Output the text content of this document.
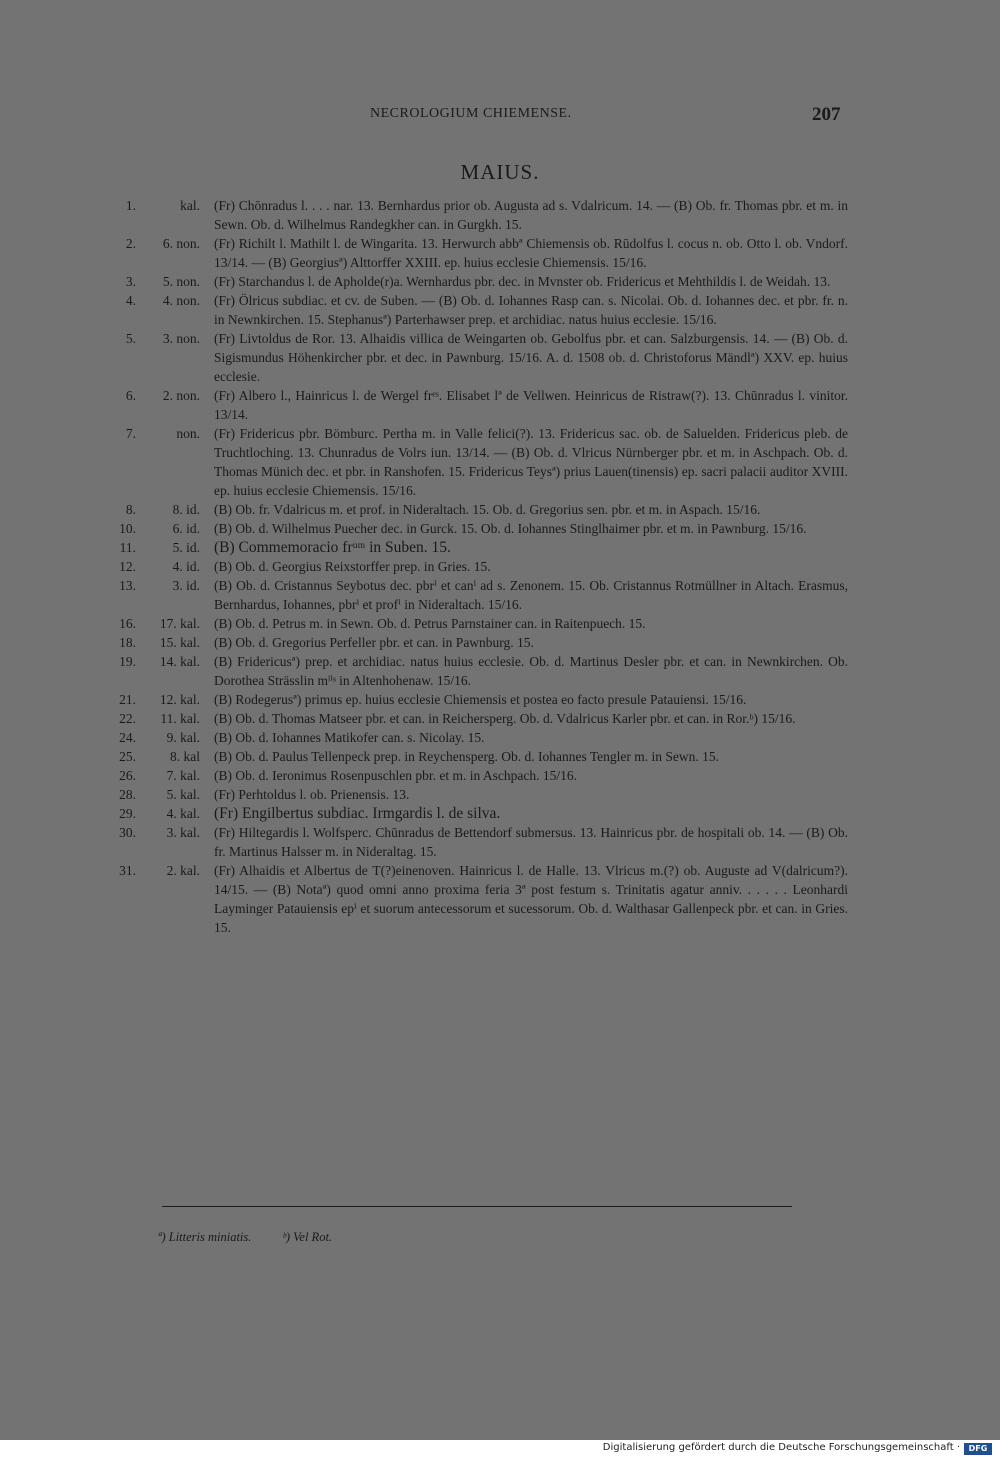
NECROLOGIUM CHIEMENSE.	207
MAIUS.
1.	kal. (Fr) Chōnradus l. . . . nar. 13. Bernhardus prior ob. Augusta ad s. Vdalricum. 14. — (B) Ob. fr. Thomas pbr. et m. in Sewn. Ob. d. Wilhelmus Randegkher can. in Gurgkh. 15.
2.	6. non. (Fr) Richilt l. Mathilt l. de Wingarita. 13. Herwurch abbª Chiemensis ob. Rūdolfus l. cocus n. ob. Otto l. ob. Vndorf. 13/14. — (B) Georgiusª) Alttorffer XXIII. ep. huius ecclesie Chiemensis. 15/16.
3.	5. non. (Fr) Starchandus l. de Apholde(r)a. Wernhardus pbr. dec. in Mvnster ob. Fridericus et Mehthildis l. de Weidah. 13.
4.	4. non. (Fr) Ölricus subdiac. et cv. de Suben. — (B) Ob. d. Iohannes Rasp can. s. Nicolai. Ob. d. Iohannes dec. et pbr. fr. n. in Newnkirchen. 15. Stephanusª) Parterhawser prep. et archidiac. natus huius ecclesie. 15/16.
5.	3. non. (Fr) Livtoldus de Ror. 13. Alhaidis villica de Weingarten ob. Gebolfus pbr. et can. Salzburgensis. 14. — (B) Ob. d. Sigismundus Höhenkircher pbr. et dec. in Pawnburg. 15/16. A. d. 1508 ob. d. Christoforus Mändlª) XXV. ep. huius ecclesie.
6.	2. non. (Fr) Albero l., Hainricus l. de Wergel frᵉˢ. Elisabet lª de Vellwen. Heinricus de Ristraw(?). 13. Chūnradus l. vinitor. 13/14.
7.	non. (Fr) Fridericus pbr. Bömburc. Pertha m. in Valle felici(?). 13. Fridericus sac. ob. de Saluelden. Fridericus pleb. de Truchtloching. 13. Chunradus de Volrs iun. 13/14. — (B) Ob. d. Vlricus Nürnberger pbr. et m. in Aschpach. Ob. d. Thomas Münich dec. et pbr. in Ranshofen. 15. Fridericus Teysª) prius Lauen(tinensis) ep. sacri palacii auditor XVIII. ep. huius ecclesie Chiemensis. 15/16.
8.	8. id. (B) Ob. fr. Vdalricus m. et prof. in Nideraltach. 15. Ob. d. Gregorius sen. pbr. et m. in Aspach. 15/16.
10.	6. id. (B) Ob. d. Wilhelmus Puecher dec. in Gurck. 15. Ob. d. Iohannes Stinglhaimer pbr. et m. in Pawnburg. 15/16.
11.	5. id. (B) Commemoracio frᵘᵐ in Suben. 15.
12.	4. id. (B) Ob. d. Georgius Reixstorffer prep. in Gries. 15.
13.	3. id. (B) Ob. d. Cristannus Seybotus dec. pbrⁱ et canⁱ ad s. Zenonem. 15. Ob. Cristannus Rotmüllner in Altach. Erasmus, Bernhardus, Iohannes, pbrⁱ et profⁱ in Nideraltach. 15/16.
16.	17. kal. (B) Ob. d. Petrus m. in Sewn. Ob. d. Petrus Parnstainer can. in Raitenpuech. 15.
18.	15. kal. (B) Ob. d. Gregorius Perfeller pbr. et can. in Pawnburg. 15.
19.	14. kal. (B) Fridericusª) prep. et archidiac. natus huius ecclesie. Ob. d. Martinus Desler pbr. et can. in Newnkirchen. Ob. Dorothea Strässlin mˡⁱˢ in Altenhohenaw. 15/16.
21.	12. kal. (B) Rodegerusª) primus ep. huius ecclesie Chiemensis et postea eo facto presule Patauiensi. 15/16.
22.	11. kal. (B) Ob. d. Thomas Matseer pbr. et can. in Reichersperg. Ob. d. Vdalricus Karler pbr. et can. in Ror.ᵇ) 15/16.
24.	9. kal. (B) Ob. d. Iohannes Matikofer can. s. Nicolay. 15.
25.	8. kal (B) Ob. d. Paulus Tellenpeck prep. in Reychensperg. Ob. d. Iohannes Tengler m. in Sewn. 15.
26.	7. kal. (B) Ob. d. Ieronimus Rosenpuschlen pbr. et m. in Aschpach. 15/16.
28.	5. kal. (Fr) Perhtoldus l. ob. Prienensis. 13.
29.	4. kal. (Fr) Engilbertus subdiac. Irmgardis l. de silva.
30.	3. kal. (Fr) Hiltegardis l. Wolfsperc. Chūnradus de Bettendorf submersus. 13. Hainricus pbr. de hospitali ob. 14. — (B) Ob. fr. Martinus Halsser m. in Nideraltag. 15.
31.	2. kal. (Fr) Alhaidis et Albertus de T(?)einenoven. Hainricus l. de Halle. 13. Vlricus m.(?) ob. Auguste ad V(dalricum?). 14/15. — (B) Notaª) quod omni anno proxima feria 3ª post festum s. Trinitatis agatur anniv. . . . . . Leonhardi Layminger Patauiensis epⁱ et suorum antecessorum et sucessorum. Ob. d. Walthasar Gallenpeck pbr. et can. in Gries. 15.
ª) Litteris miniatis. ᵇ) Vel Rot.
Digitalisierung gefördert durch die Deutsche Forschungsgemeinschaft ·	DFG
